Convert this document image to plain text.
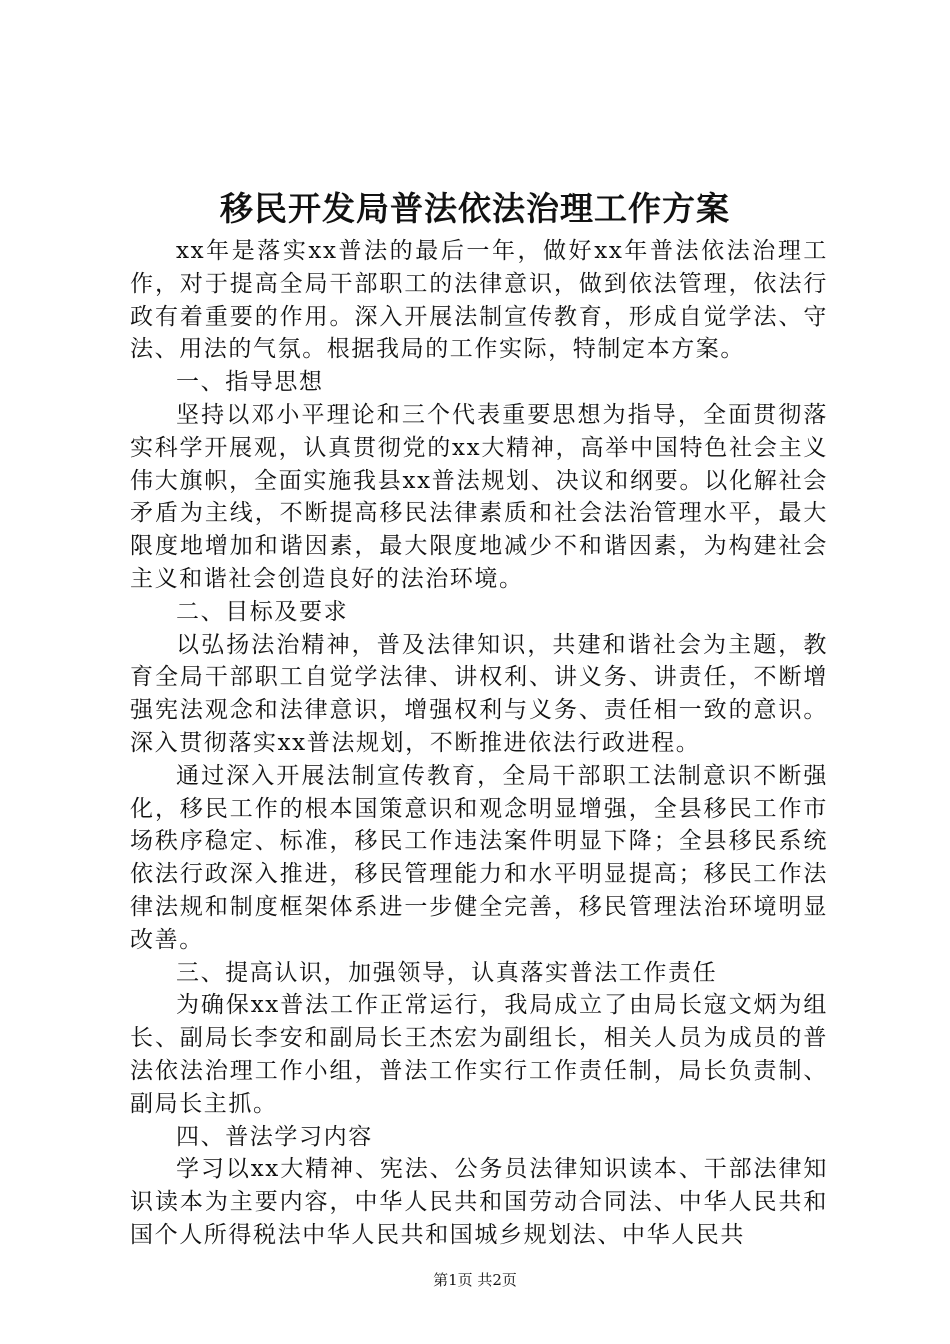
移民开发局普法依法治理工作方案

xx年是落实xx普法的最后一年，做好xx年普法依法治理工作，对于提高全局干部职工的法律意识，做到依法管理，依法行政有着重要的作用。深入开展法制宣传教育，形成自觉学法、守法、用法的气氛。根据我局的工作实际，特制定本方案。

一、指导思想

坚持以邓小平理论和三个代表重要思想为指导，全面贯彻落实科学开展观，认真贯彻党的xx大精神，高举中国特色社会主义伟大旗帜，全面实施我县xx普法规划、决议和纲要。以化解社会矛盾为主线，不断提高移民法律素质和社会法治管理水平，最大限度地增加和谐因素，最大限度地减少不和谐因素，为构建社会主义和谐社会创造良好的法治环境。

二、目标及要求

以弘扬法治精神，普及法律知识，共建和谐社会为主题，教育全局干部职工自觉学法律、讲权利、讲义务、讲责任，不断增强宪法观念和法律意识，增强权利与义务、责任相一致的意识。深入贯彻落实xx普法规划，不断推进依法行政进程。

通过深入开展法制宣传教育，全局干部职工法制意识不断强化，移民工作的根本国策意识和观念明显增强，全县移民工作市场秩序稳定、标准，移民工作违法案件明显下降；全县移民系统依法行政深入推进，移民管理能力和水平明显提高；移民工作法律法规和制度框架体系进一步健全完善，移民管理法治环境明显改善。

三、提高认识，加强领导，认真落实普法工作责任

为确保xx普法工作正常运行，我局成立了由局长寇文炳为组长、副局长李安和副局长王杰宏为副组长，相关人员为成员的普法依法治理工作小组，普法工作实行工作责任制，局长负责制、副局长主抓。

四、普法学习内容

学习以xx大精神、宪法、公务员法律知识读本、干部法律知识读本为主要内容，中华人民共和国劳动合同法、中华人民共和国个人所得税法中华人民共和国城乡规划法、中华人民共

第1页 共2页
